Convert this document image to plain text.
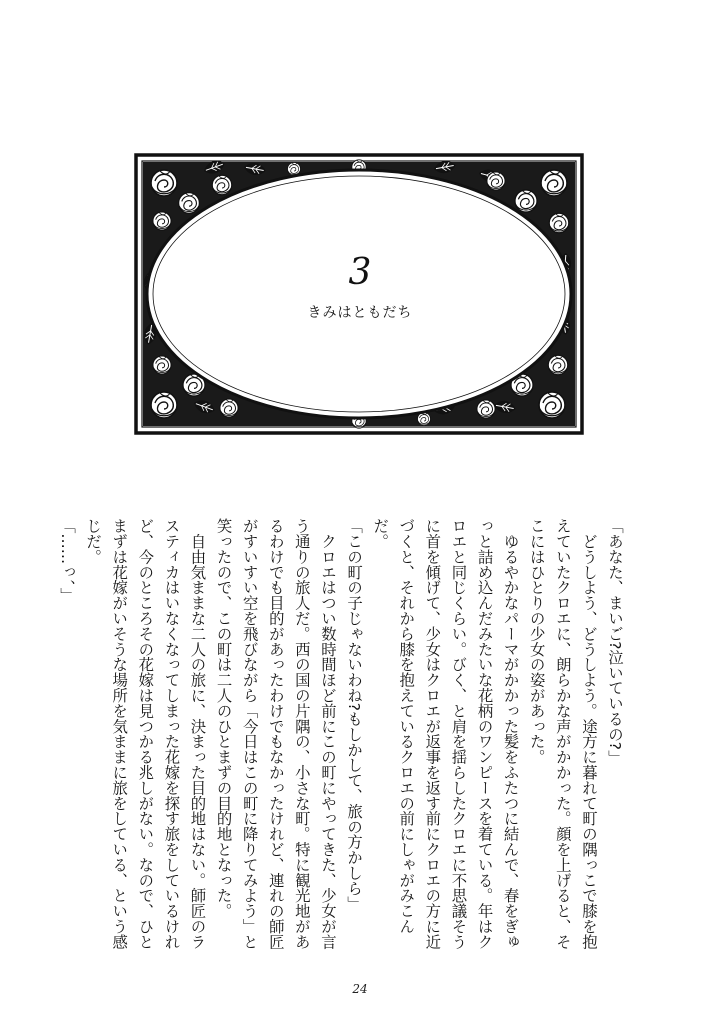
3
きみはともだち

「あなた、まいご?泣いているの?」

　どうしよう、どうしよう。途方に暮れて町の隅っこで膝を抱えていたクロエに、朗らかな声がかかった。顔を上げると、そこにはひとりの少女の姿があった。

　ゆるやかなパーマがかかった髪をふたつに結んで、春をぎゅっと詰め込んだみたいな花柄のワンピースを着ている。年はクロエと同じくらい。びく、と肩を揺らしたクロエに不思議そうに首を傾げて、少女はクロエが返事を返す前にクロエの方に近づくと、それから膝を抱えているクロエの前にしゃがみこんだ。

「この町の子じゃないわね?もしかして、旅の方かしら」

　クロエはつい数時間ほど前にこの町にやってきた、少女が言う通りの旅人だ。西の国の片隅の、小さな町。特に観光地があるわけでも目的があったわけでもなかったけれど、連れの師匠がすいすい空を飛びながら「今日はこの町に降りてみよう」と笑ったので、この町は二人のひとまずの目的地となった。

　自由気ままな二人の旅に、決まった目的地はない。師匠のラスティカはいなくなってしまった花嫁を探す旅をしているけれど、今のところその花嫁は見つかる兆しがない。なので、ひとまずは花嫁がいそうな場所を気ままに旅をしている、という感じだ。

「……っ、」

24
